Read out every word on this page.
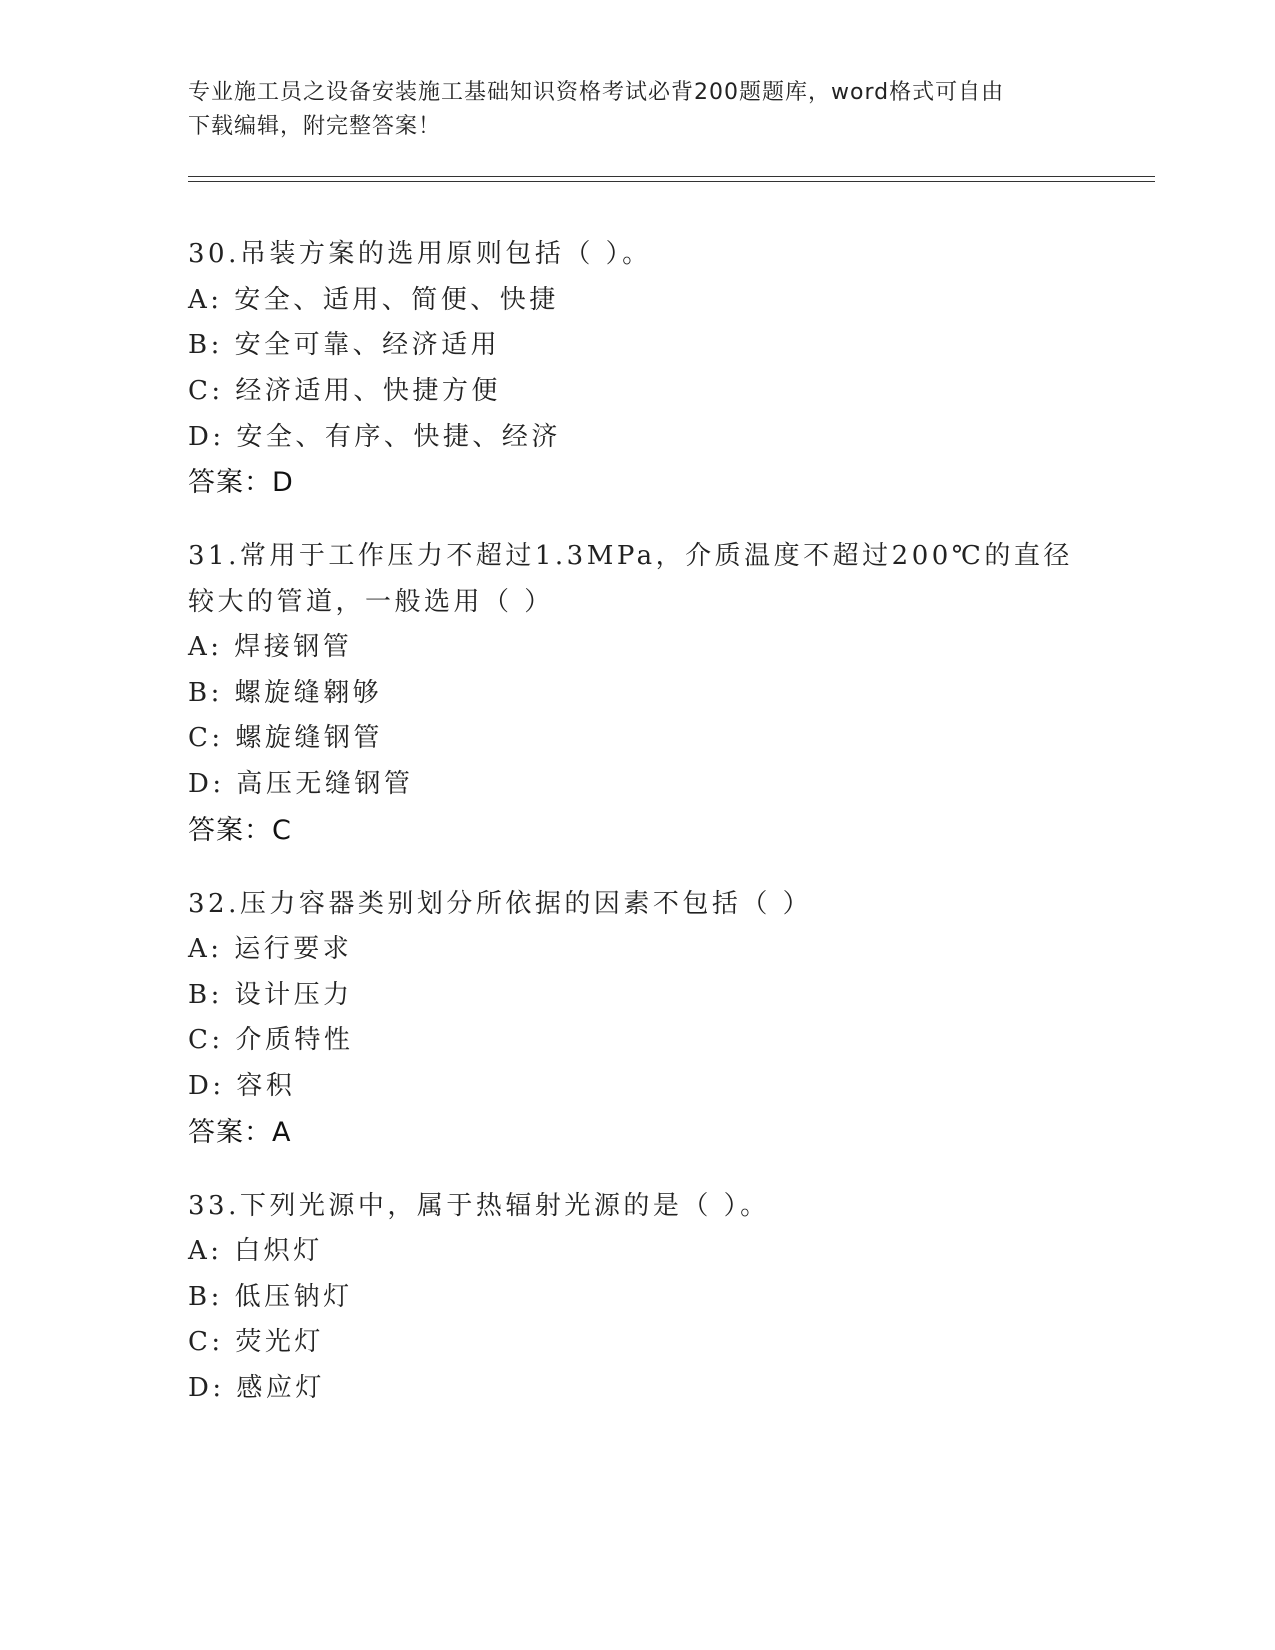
专业施工员之设备安装施工基础知识资格考试必背200题题库，word格式可自由
下载编辑，附完整答案！

30.吊装方案的选用原则包括（ ）。

A: 安全、适用、简便、快捷

B: 安全可靠、经济适用

C: 经济适用、快捷方便

D: 安全、有序、快捷、经济

答案：D

31.常用于工作压力不超过1.3MPa，介质温度不超过200℃的直径较大的管道，一般选用（ ）

A: 焊接钢管

B: 螺旋缝翱够

C: 螺旋缝钢管

D: 高压无缝钢管

答案：C

32.压力容器类别划分所依据的因素不包括（ ）

A: 运行要求

B: 设计压力

C: 介质特性

D: 容积

答案：A

33.下列光源中，属于热辐射光源的是（ ）。

A: 白炽灯

B: 低压钠灯

C: 荧光灯

D: 感应灯
